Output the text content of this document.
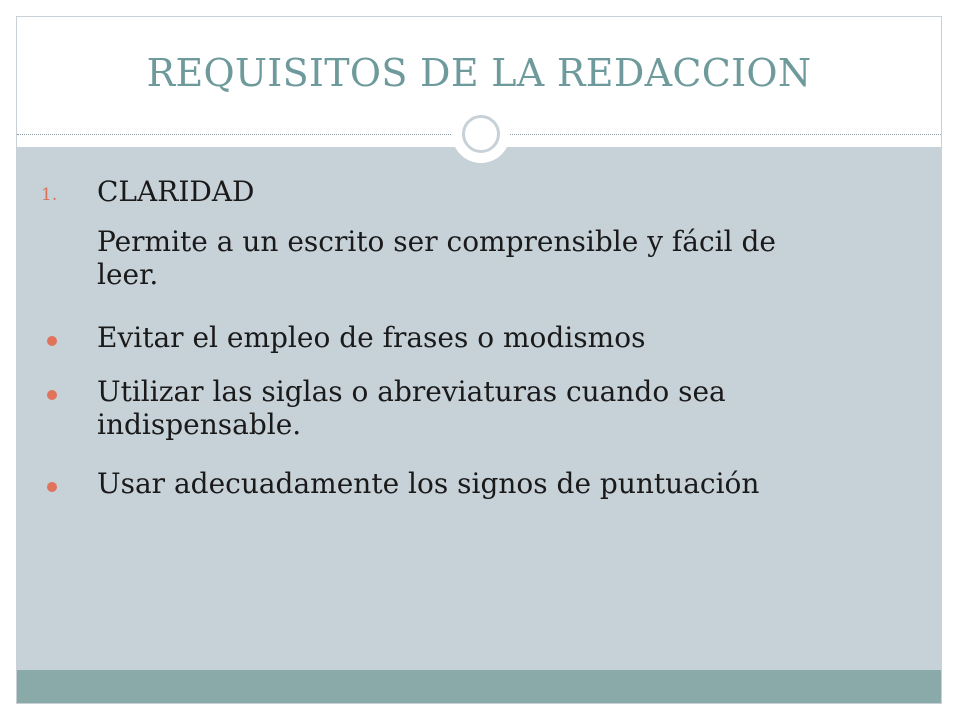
REQUISITOS DE LA REDACCION
1. CLARIDAD
Permite a un escrito ser comprensible y fácil de leer.
Evitar el empleo de frases o modismos
Utilizar las siglas o abreviaturas cuando sea indispensable.
Usar adecuadamente los signos de puntuación
